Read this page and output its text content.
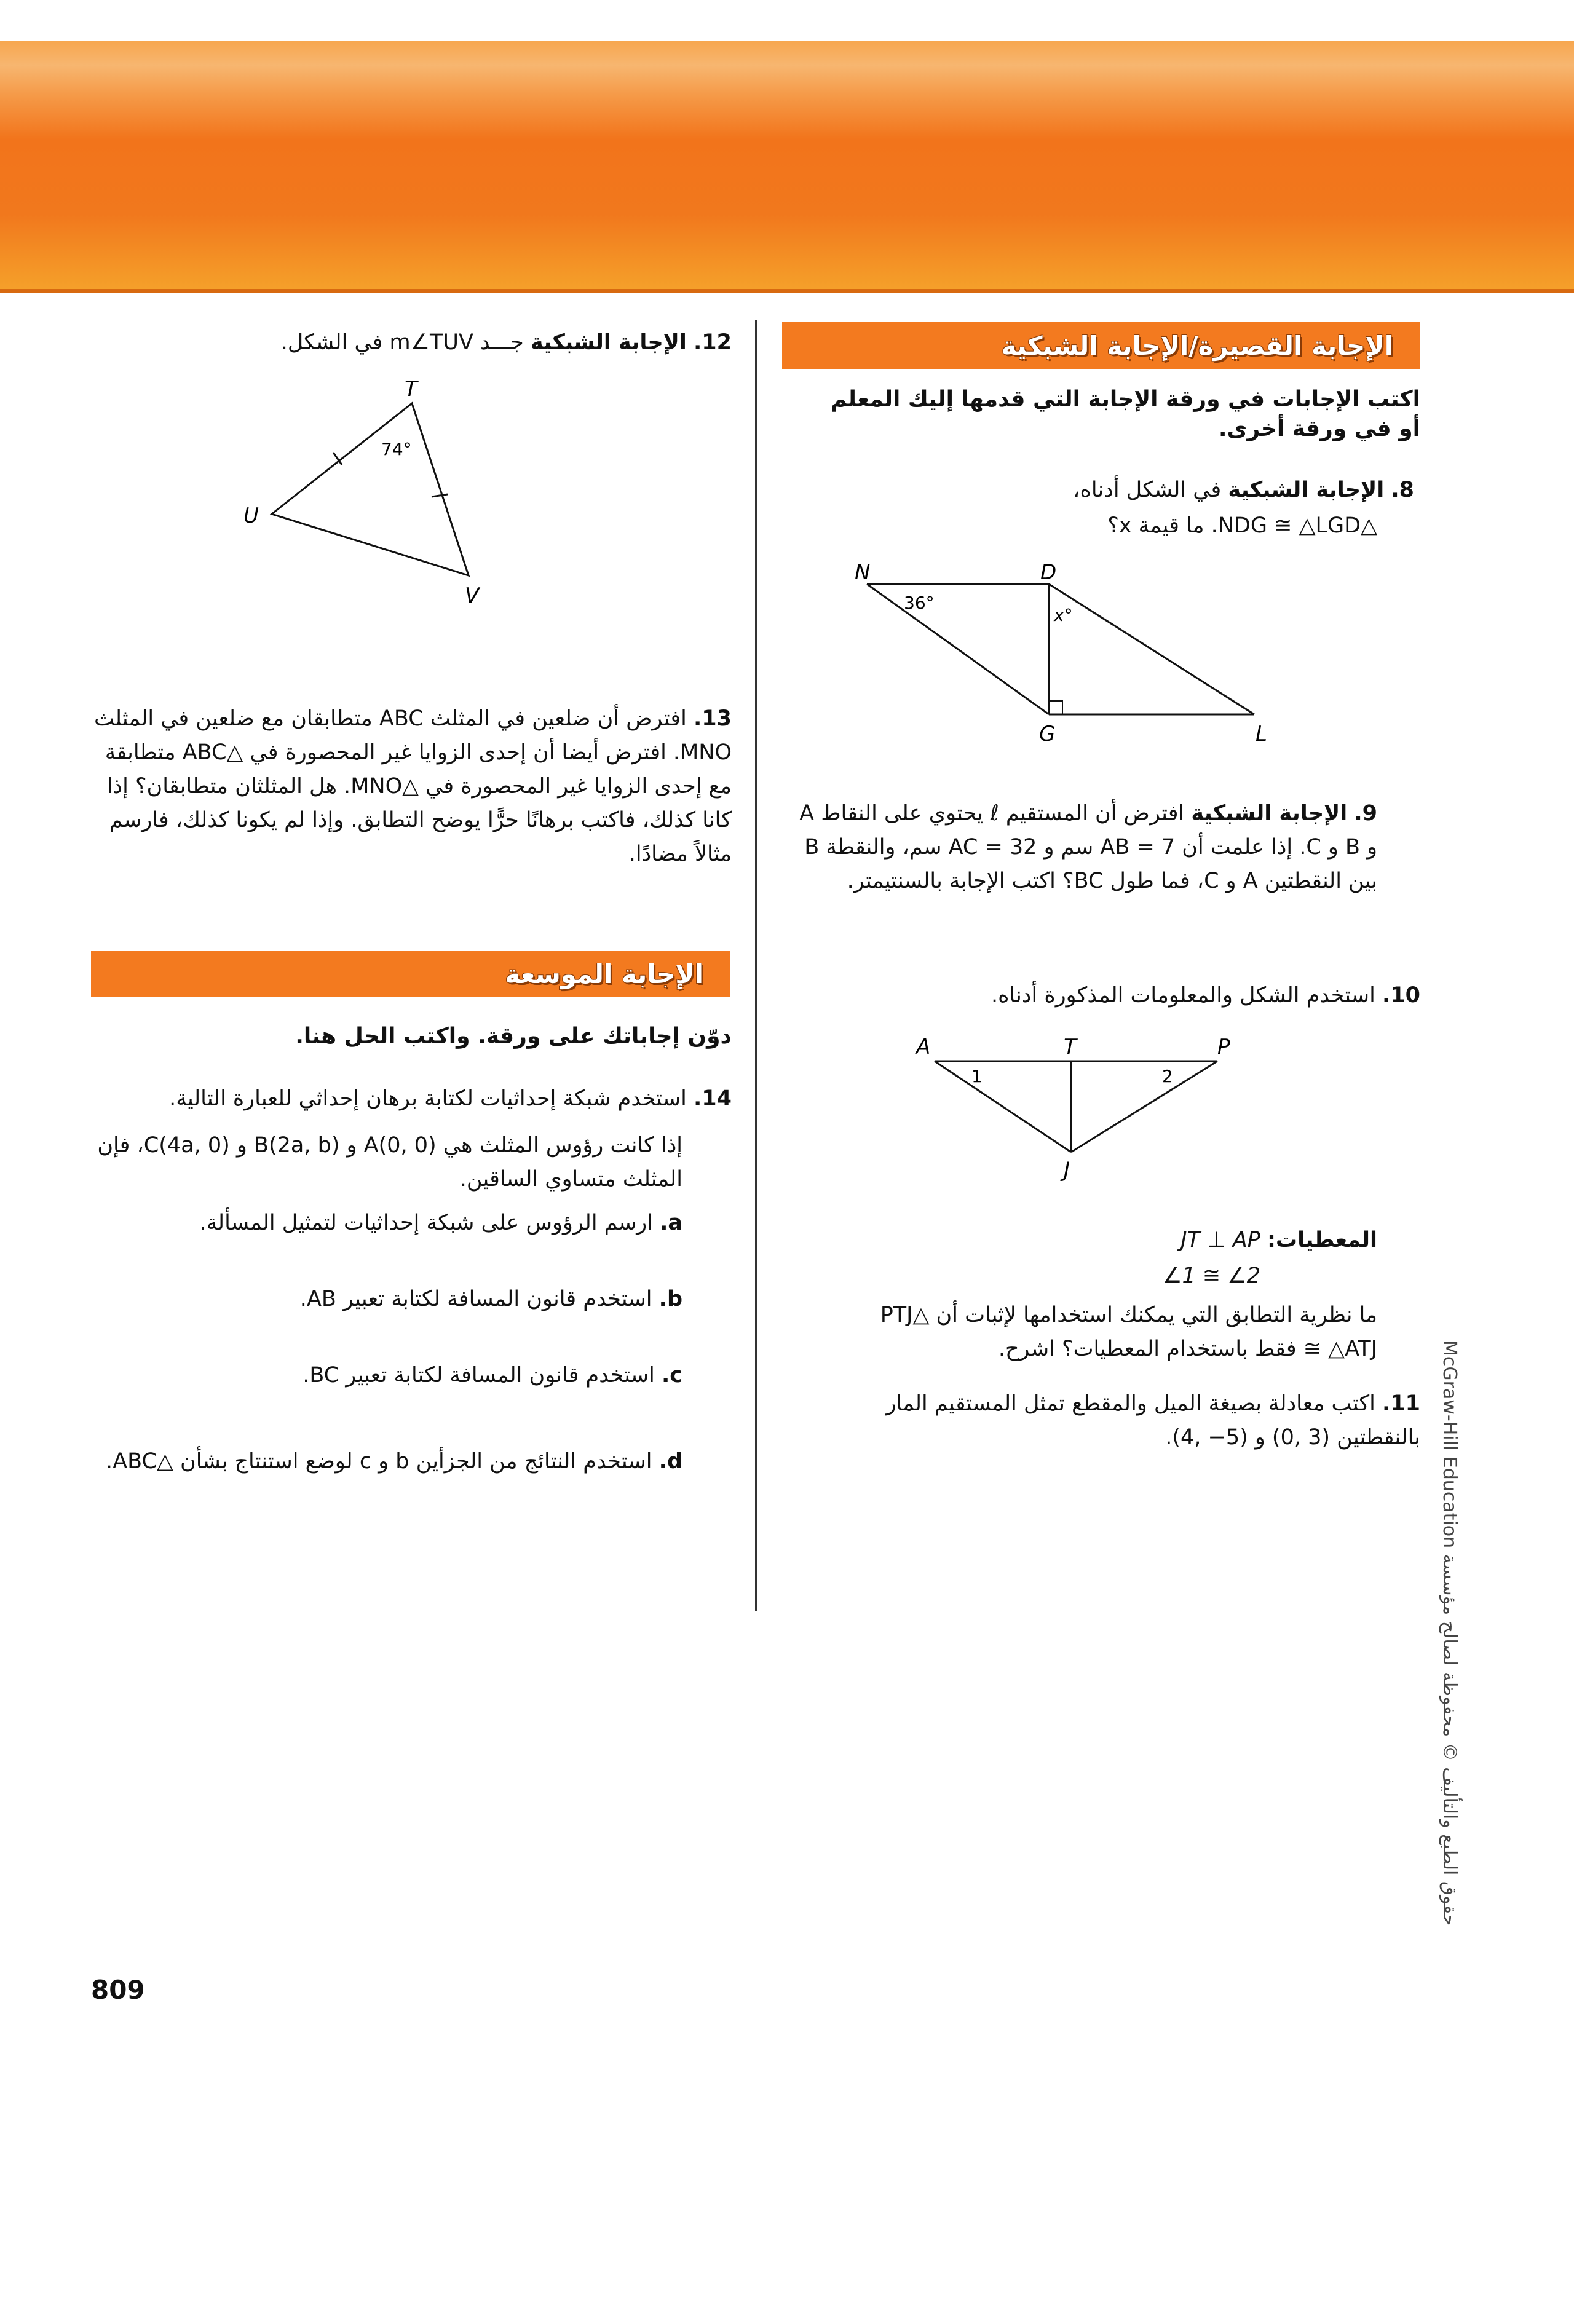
الإجابة القصيرة/الإجابة الشبكية
اكتب الإجابات في ورقة الإجابة التي قدمها إليك المعلم أو في ورقة أخرى.
8. الإجابة الشبكية في الشكل أدناه،
△NDG ≅ △LGD. ما قيمة x؟
N	D
G	L
36°
x°
9. الإجابة الشبكية افترض أن المستقيم ℓ يحتوي على النقاط A و B و C. إذا علمت أن AB = 7 سم و AC = 32 سم، والنقطة B بين النقطتين A و C، فما طول BC؟ اكتب الإجابة بالسنتيمتر.
10. استخدم الشكل والمعلومات المذكورة أدناه.
A	T	P
J
1	2
المعطيات: JT ⊥ AP
∠1 ≅ ∠2
ما نظرية التطابق التي يمكنك استخدامها لإثبات أن △PTJ ≅ △ATJ فقط باستخدام المعطيات؟ اشرح.
11. اكتب معادلة بصيغة الميل والمقطع تمثل المستقيم المار بالنقطتين (3 ,0) و (5− ,4).
12. الإجابة الشبكية جـــد m∠TUV في الشكل.
T
U
V
74°
13. افترض أن ضلعين في المثلث ABC متطابقان مع ضلعين في المثلث MNO. افترض أيضا أن إحدى الزوايا غير المحصورة في △ABC متطابقة مع إحدى الزوايا غير المحصورة في △MNO. هل المثلثان متطابقان؟ إذا كانا كذلك، فاكتب برهانًا حرًّا يوضح التطابق. وإذا لم يكونا كذلك، فارسم مثالاً مضادًا.
الإجابة الموسعة
دوّن إجاباتك على ورقة. واكتب الحل هنا.
14. استخدم شبكة إحداثيات لكتابة برهان إحداثي للعبارة التالية.
إذا كانت رؤوس المثلث هي A(0, 0) و B(2a, b) و C(4a, 0)، فإن المثلث متساوي الساقين.
a. ارسم الرؤوس على شبكة إحداثيات لتمثيل المسألة.
b. استخدم قانون المسافة لكتابة تعبير AB.
c. استخدم قانون المسافة لكتابة تعبير BC.
d. استخدم النتائج من الجزأين b و c لوضع استنتاج بشأن △ABC.	McGraw-Hill Education حقوق الطبع والتأليف © محفوظة لصالح مؤسسة
809
